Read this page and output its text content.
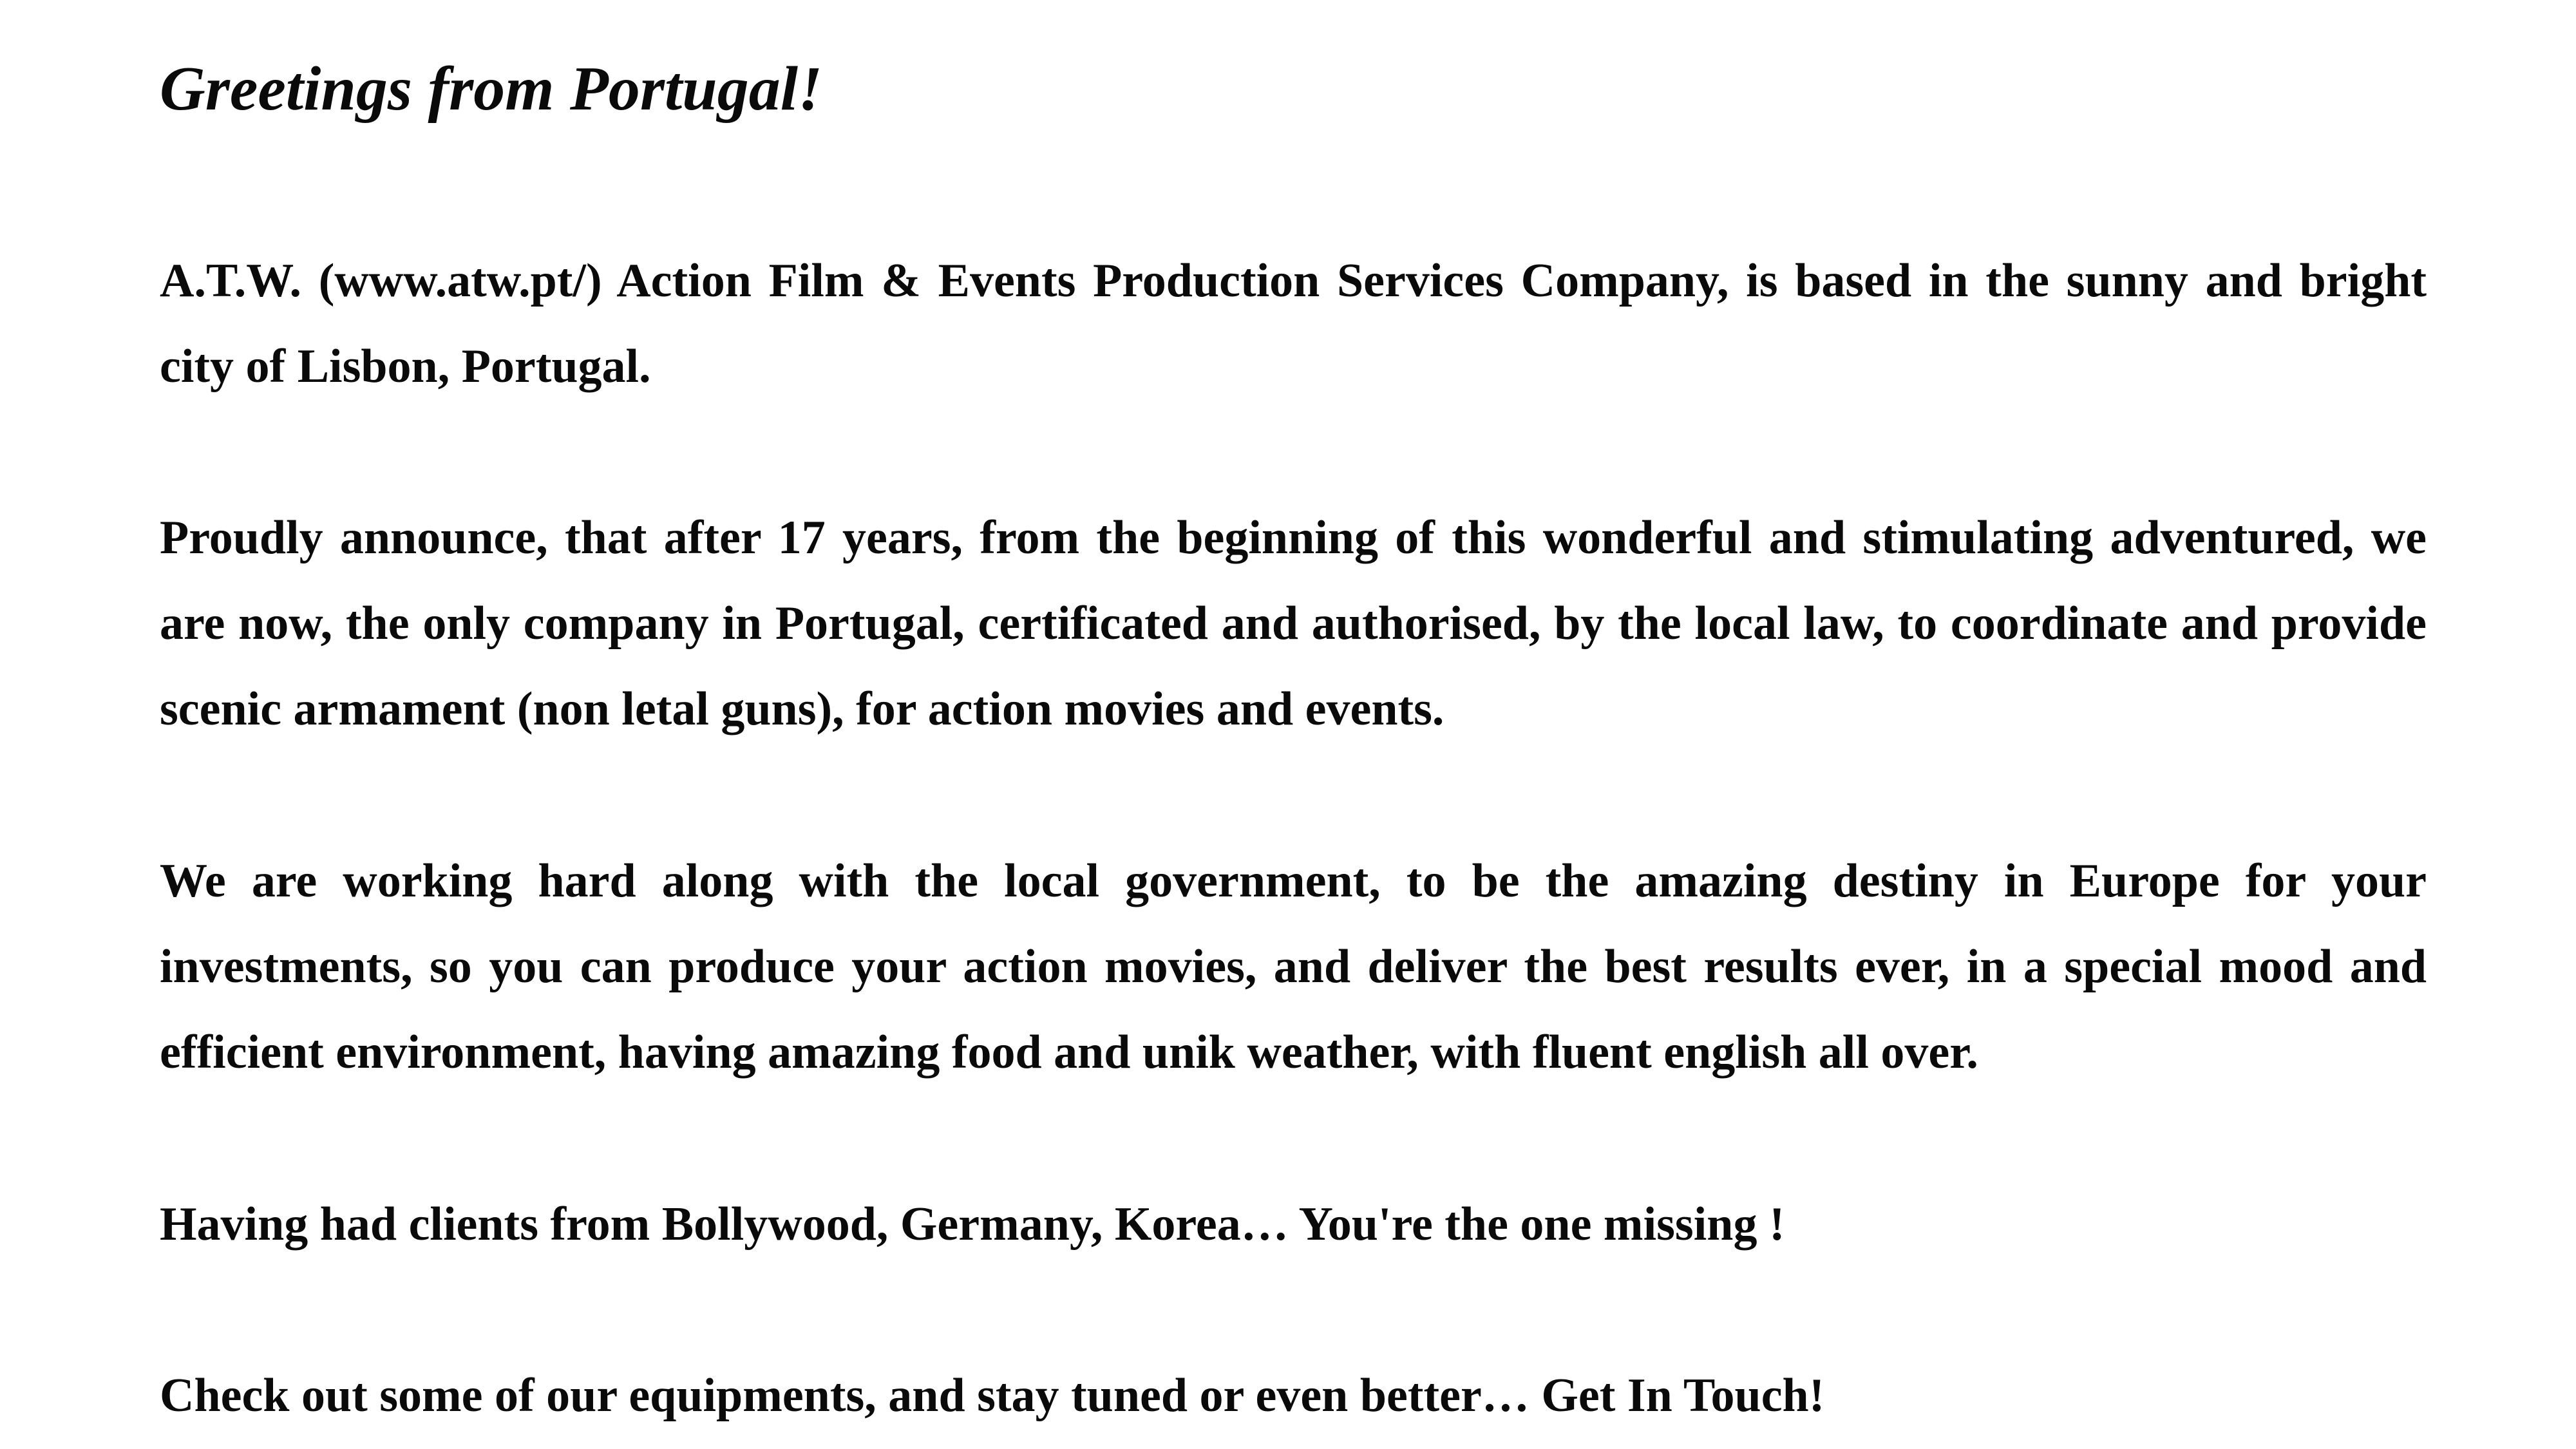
Greetings from Portugal!

A.T.W. (www.atw.pt/) Action Film & Events Production Services Company, is based in the sunny and bright city of Lisbon, Portugal.

Proudly announce, that after 17 years, from the beginning of this wonderful and stimulating adventured, we are now, the only company in Portugal, certificated and authorised, by the local law, to coordinate and provide scenic armament (non letal guns), for action movies and events.

We are working hard along with the local government, to be the amazing destiny in Europe for your investments, so you can produce your action movies, and deliver the best results ever, in a special mood and efficient environment, having amazing food and unik weather, with fluent english all over.

Having had clients from Bollywood, Germany, Korea… You're the one missing !

Check out some of our equipments, and stay tuned or even better… Get In Touch!
